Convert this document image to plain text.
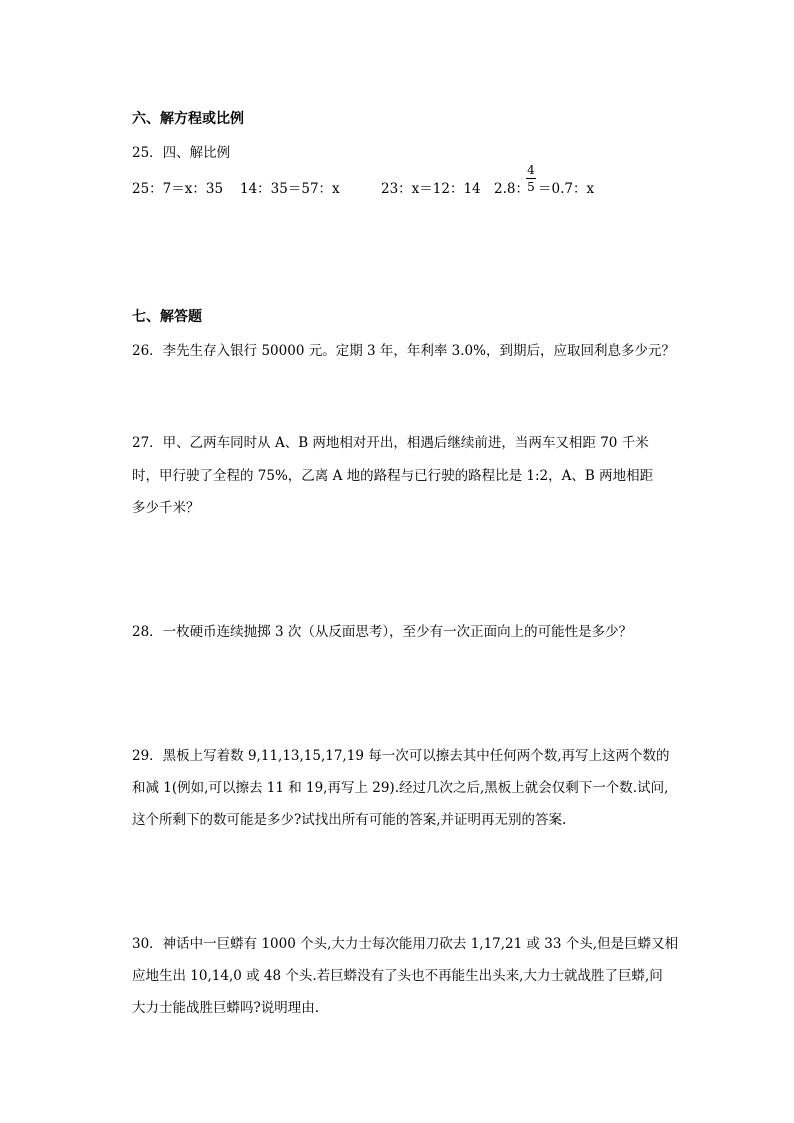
六、解方程或比例
25．四、解比例
25：7＝x：35 14：35＝57：x	23：x＝12：14 2.8：
4
5 ＝0.7：x
七、解答题
26．李先生存入银行 50000 元。定期 3 年，年利率 3.0%，到期后，应取回利息多少元？
27．甲、乙两车同时从 A、B 两地相对开出，相遇后继续前进，当两车又相距 70 千米
时，甲行驶了全程的 75%，乙离 A 地的路程与已行驶的路程比是 1:2，A、B 两地相距
多少千米？
28．一枚硬币连续抛掷 3 次（从反面思考），至少有一次正面向上的可能性是多少？
29．黑板上写着数 9,11,13,15,17,19 每一次可以擦去其中任何两个数,再写上这两个数的
和减 1(例如,可以擦去 11 和 19,再写上 29).经过几次之后,黑板上就会仅剩下一个数.试问,
这个所剩下的数可能是多少?试找出所有可能的答案,并证明再无别的答案.
30．神话中一巨蟒有 1000 个头,大力士每次能用刀砍去 1,17,21 或 33 个头,但是巨蟒又相
应地生出 10,14,0 或 48 个头.若巨蟒没有了头也不再能生出头来,大力士就战胜了巨蟒,问
大力士能战胜巨蟒吗?说明理由.
